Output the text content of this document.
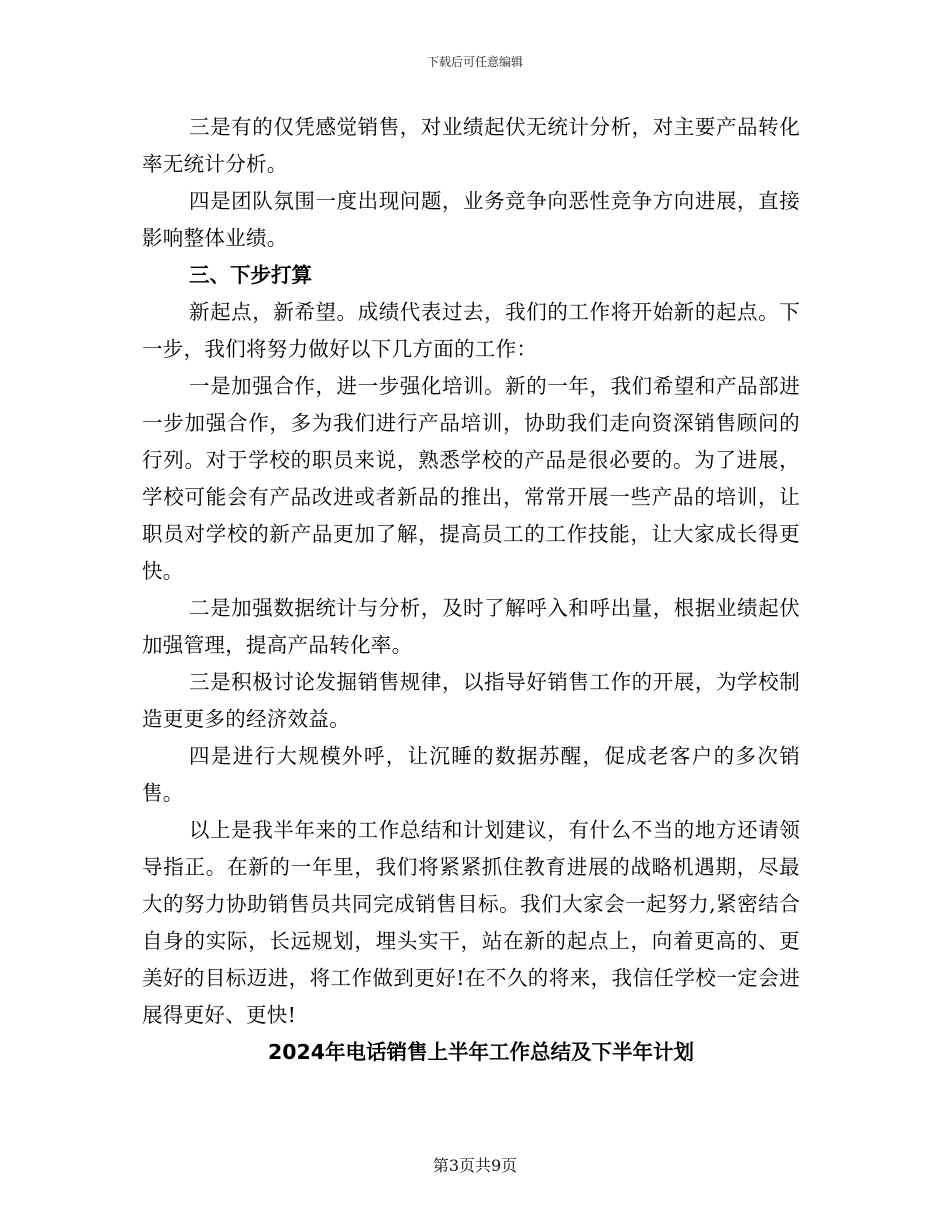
下载后可任意编辑

三是有的仅凭感觉销售，对业绩起伏无统计分析，对主要产品转化率无统计分析。

四是团队氛围一度出现问题，业务竞争向恶性竞争方向进展，直接影响整体业绩。

三、下步打算

新起点，新希望。成绩代表过去，我们的工作将开始新的起点。下一步，我们将努力做好以下几方面的工作：

一是加强合作，进一步强化培训。新的一年，我们希望和产品部进一步加强合作，多为我们进行产品培训，协助我们走向资深销售顾问的行列。对于学校的职员来说，熟悉学校的产品是很必要的。为了进展，学校可能会有产品改进或者新品的推出，常常开展一些产品的培训，让职员对学校的新产品更加了解，提高员工的工作技能，让大家成长得更快。

二是加强数据统计与分析，及时了解呼入和呼出量，根据业绩起伏加强管理，提高产品转化率。

三是积极讨论发掘销售规律，以指导好销售工作的开展，为学校制造更更多的经济效益。

四是进行大规模外呼，让沉睡的数据苏醒，促成老客户的多次销售。

以上是我半年来的工作总结和计划建议，有什么不当的地方还请领导指正。在新的一年里，我们将紧紧抓住教育进展的战略机遇期，尽最大的努力协助销售员共同完成销售目标。我们大家会一起努力,紧密结合自身的实际，长远规划，埋头实干，站在新的起点上，向着更高的、更美好的目标迈进，将工作做到更好!在不久的将来，我信任学校一定会进展得更好、更快!

2024年电话销售上半年工作总结及下半年计划

第3页共9页
